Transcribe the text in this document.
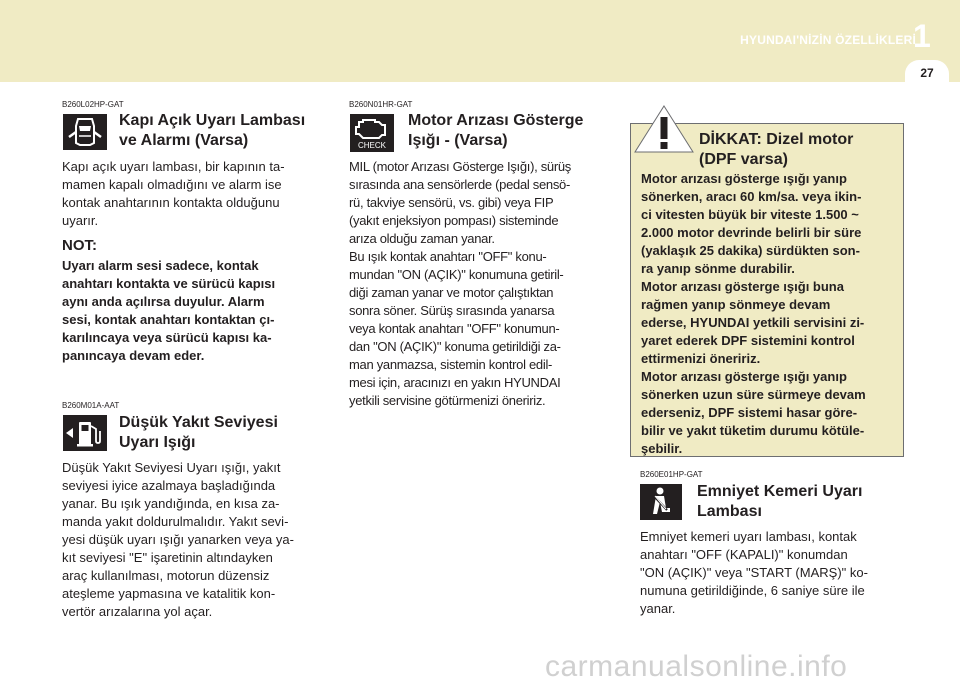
HYUNDAI'NİZİN ÖZELLİKLERİ
1
27
B260L02HP-GAT
Kapı Açık Uyarı Lambası
ve Alarmı (Varsa)
Kapı açık uyarı lambası, bir kapının ta-
mamen kapalı olmadığını ve alarm ise
kontak anahtarının kontakta olduğunu
uyarır.
NOT:
Uyarı alarm sesi sadece, kontak
anahtarı kontakta ve sürücü kapısı
aynı anda açılırsa duyulur. Alarm
sesi, kontak anahtarı kontaktan çı-
karılıncaya veya sürücü kapısı ka-
panıncaya devam eder.
B260M01A-AAT
Düşük Yakıt Seviyesi
Uyarı Işığı
Düşük Yakıt Seviyesi Uyarı ışığı, yakıt
seviyesi iyice azalmaya başladığında
yanar. Bu ışık yandığında, en kısa za-
manda yakıt doldurulmalıdır. Yakıt sevi-
yesi düşük uyarı ışığı yanarken veya ya-
kıt seviyesi "E" işaretinin altındayken
araç kullanılması, motorun düzensiz
ateşleme yapmasına ve katalitik kon-
vertör arızalarına yol açar.
B260N01HR-GAT
CHECK
Motor Arızası Gösterge
Işığı - (Varsa)
MIL (motor Arızası Gösterge Işığı), sürüş
sırasında ana sensörlerde (pedal sensö-
rü, takviye sensörü, vs. gibi) veya FIP
(yakıt enjeksiyon pompası) sisteminde
arıza olduğu zaman yanar.
Bu ışık kontak anahtarı "OFF" konu-
mundan "ON (AÇIK)" konumuna getiril-
diği zaman yanar ve motor çalıştıktan
sonra söner. Sürüş sırasında yanarsa
veya kontak anahtarı "OFF" konumun-
dan "ON (AÇIK)" konuma getirildiği za-
man yanmazsa, sistemin kontrol edil-
mesi için, aracınızı en yakın HYUNDAI
yetkili servisine götürmenizi öneririz.
DİKKAT: Dizel motor
(DPF varsa)
Motor arızası gösterge ışığı yanıp
sönerken, aracı 60 km/sa. veya ikin-
ci vitesten büyük bir viteste 1.500 ~
2.000 motor devrinde belirli bir süre
(yaklaşık 25 dakika) sürdükten son-
ra yanıp sönme durabilir.
Motor arızası gösterge ışığı buna
rağmen yanıp sönmeye devam
ederse, HYUNDAI yetkili servisini zi-
yaret ederek DPF sistemini kontrol
ettirmenizi öneririz.
Motor arızası gösterge ışığı yanıp
sönerken uzun süre sürmeye devam
ederseniz, DPF sistemi hasar göre-
bilir ve yakıt tüketim durumu kötüle-
şebilir.
B260E01HP-GAT
Emniyet Kemeri Uyarı
Lambası
Emniyet kemeri uyarı lambası, kontak
anahtarı "OFF (KAPALI)" konumdan
"ON (AÇIK)" veya "START (MARŞ)" ko-
numuna getirildiğinde, 6 saniye süre ile
yanar.
carmanualsonline.info
